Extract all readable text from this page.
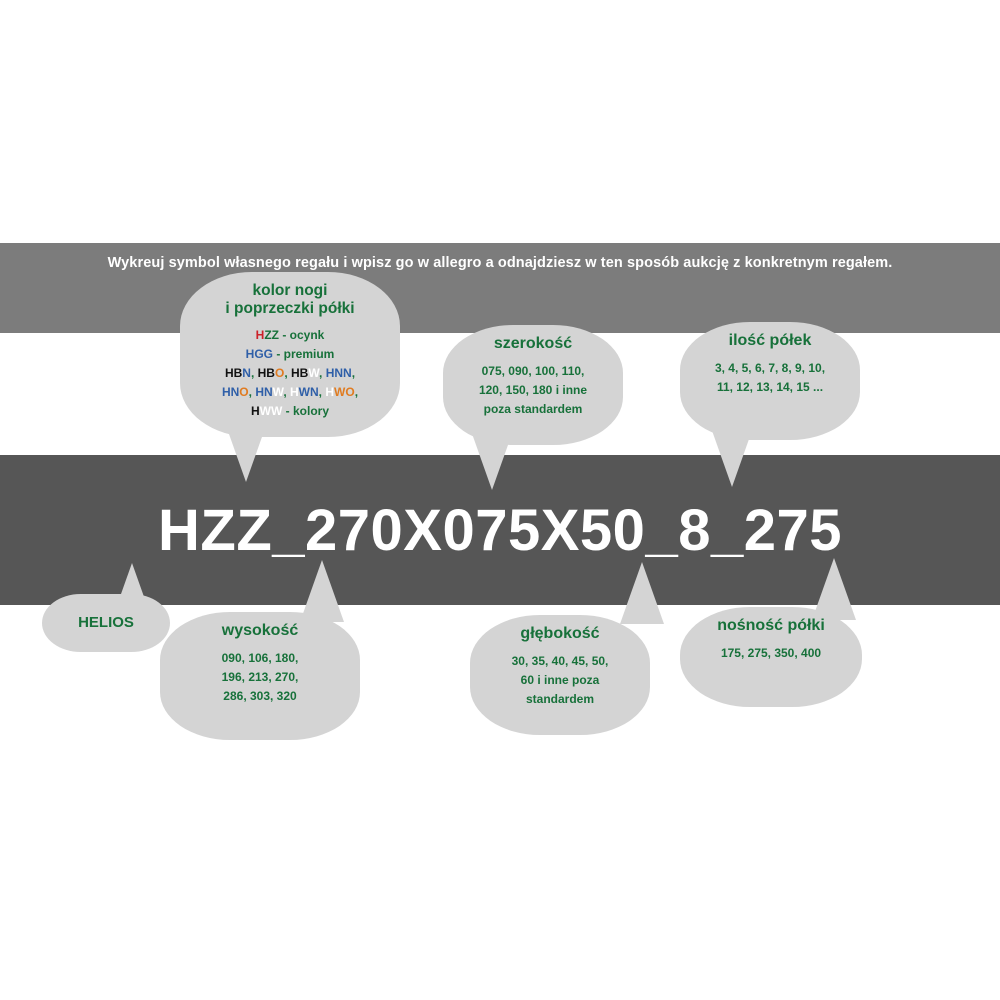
Wykreuj symbol własnego regału i wpisz go w allegro a odnajdziesz w ten sposób aukcję z konkretnym regałem.
HZZ_270X075X50_8_275
kolor nogi
i poprzeczki półki
HZZ - ocynk
HGG - premium
HBN, HBO, HBW, HNN,
HNO, HNW, HWN, HWO,
HWW - kolory
szerokość
075, 090, 100, 110,
120, 150, 180 i inne
poza standardem
ilość półek
3, 4, 5, 6, 7, 8, 9, 10,
11, 12, 13, 14, 15 ...
HELIOS	wysokość
090, 106, 180,
196, 213, 270,
286, 303, 320
głębokość
30, 35, 40, 45, 50,
60 i inne poza
standardem
nośność półki
175, 275, 350, 400
